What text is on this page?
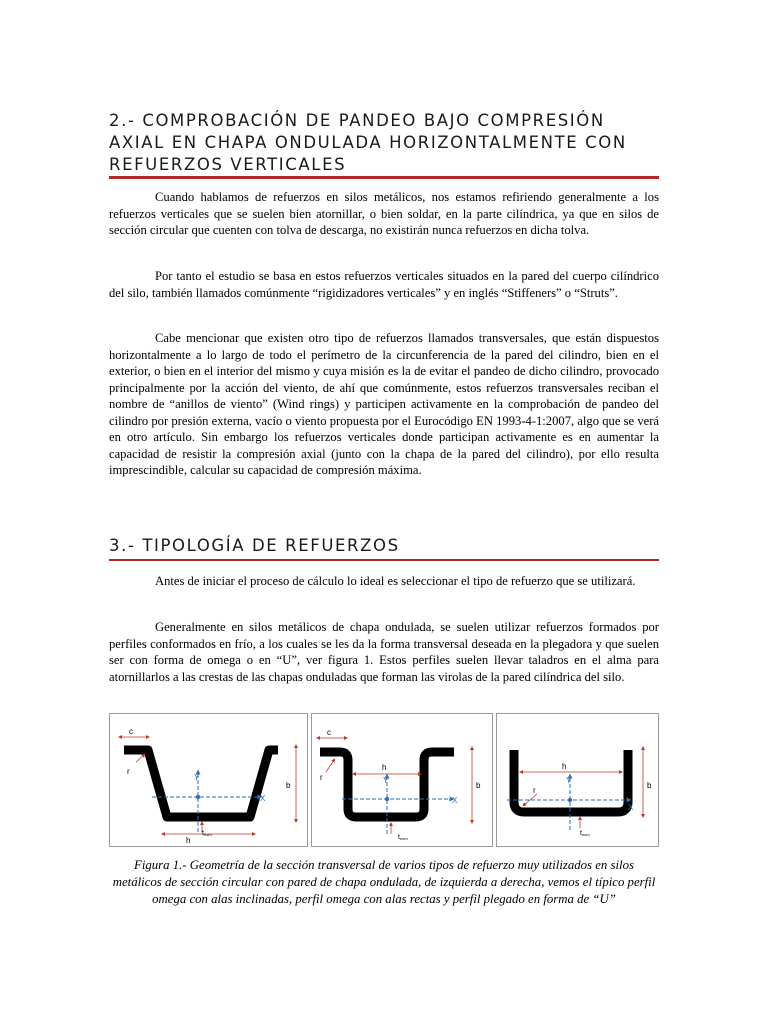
2.- COMPROBACIÓN DE PANDEO BAJO COMPRESIÓN AXIAL EN CHAPA ONDULADA HORIZONTALMENTE CON REFUERZOS VERTICALES

Cuando hablamos de refuerzos en silos metálicos, nos estamos refiriendo generalmente a los refuerzos verticales que se suelen bien atornillar, o bien soldar, en la parte cilíndrica, ya que en silos de sección circular que cuenten con tolva de descarga, no existirán nunca refuerzos en dicha tolva.

Por tanto el estudio se basa en estos refuerzos verticales situados en la pared del cuerpo cilíndrico del silo, también llamados comúnmente “rigidizadores verticales” y en inglés “Stiffeners” o “Struts”.

Cabe mencionar que existen otro tipo de refuerzos llamados transversales, que están dispuestos horizontalmente a lo largo de todo el perímetro de la circunferencia de la pared del cilindro, bien en el exterior, o bien en el interior del mismo y cuya misión es la de evitar el pandeo de dicho cilindro, provocado principalmente por la acción del viento, de ahí que comúnmente, estos refuerzos transversales reciban el nombre de “anillos de viento” (Wind rings) y participen activamente en la comprobación de pandeo del cilindro por presión externa, vacío o viento propuesta por el Eurocódigo EN 1993-4-1:2007, algo que se verá en otro artículo. Sin embargo los refuerzos verticales donde participan activamente es en aumentar la capacidad de resistir la compresión axial (junto con la chapa de la pared del cilindro), por ello resulta imprescindible, calcular su capacidad de compresión máxima.

3.- TIPOLOGÍA DE REFUERZOS

Antes de iniciar el proceso de cálculo lo ideal es seleccionar el tipo de refuerzo que se utilizará.

Generalmente en silos metálicos de chapa ondulada, se suelen utilizar refuerzos formados por perfiles conformados en frío, a los cuales se les da la forma transversal deseada en la plegadora y que suelen ser con forma de omega o en “U”, ver figura 1. Estos perfiles suelen llevar taladros en el alma para atornillarlos a las crestas de las chapas onduladas que forman las virolas de la pared cilíndrica del silo.

Y
X
c
r
b
h
tnom
Y
X
c
r
h
b
tnom
Y
X
h
r
b
tnom

Figura 1.- Geometría de la sección transversal de varios tipos de refuerzo muy utilizados en silos metálicos de sección circular con pared de chapa ondulada, de izquierda a derecha, vemos el típico perfil omega con alas inclinadas, perfil omega con alas rectas y perfil plegado en forma de “U”
